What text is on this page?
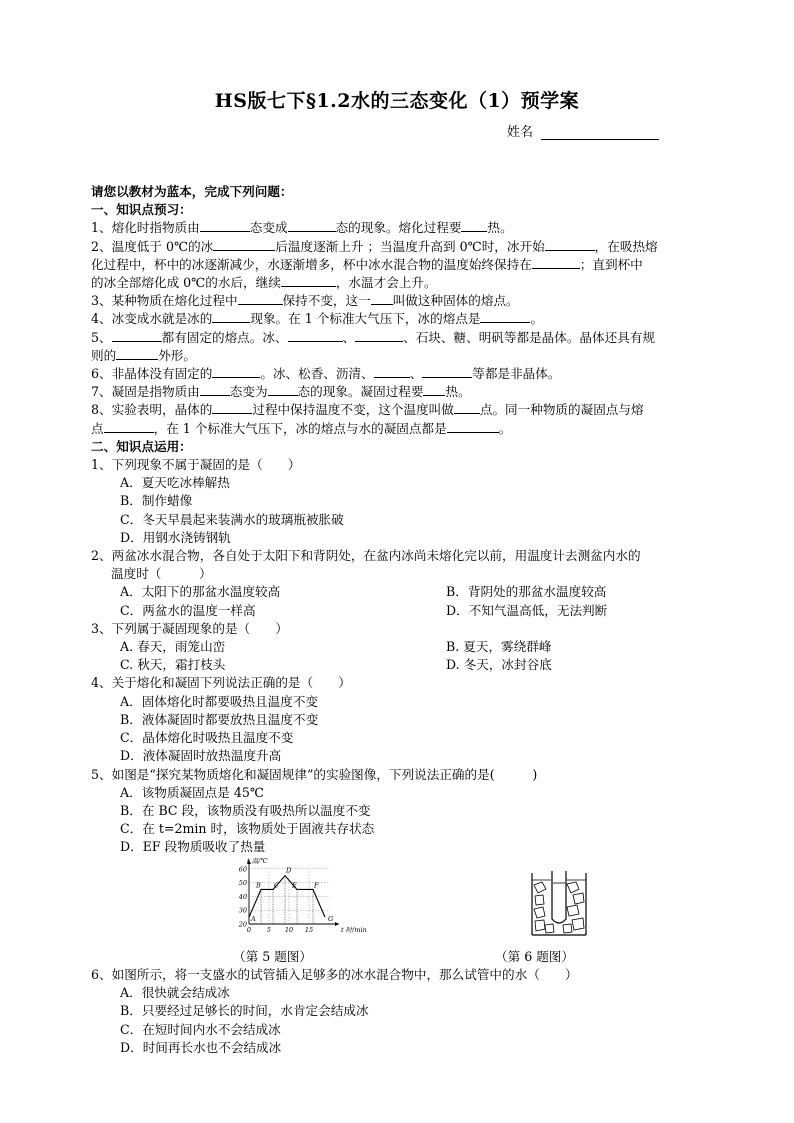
HS版七下§1.2水的三态变化（1）预学案
姓名
请您以教材为蓝本，完成下列问题：
一、知识点预习：
1、熔化时指物质由	态变成	态的现象。熔化过程要 热。
2、温度低于 0℃的冰	后温度逐渐上升 ；当温度升高到 0℃时，冰开始	，在吸热熔
化过程中，杯中的冰逐渐减少，水逐渐增多，杯中冰水混合物的温度始终保持在	；直到杯中
的冰全部熔化成 0℃的水后，继续	，水温才会上升。
3、某种物质在熔化过程中	保持不变，这一 叫做这种固体的熔点。
4、冰变成水就是冰的	现象。在 1 个标准大气压下，冰的熔点是	。
5、	都有固定的熔点。冰、	、	、石块、糖、明矾等都是晶体。晶体还具有规
则的	外形。
6、非晶体没有固定的	。冰、松香、沥清、	、	等都是非晶体。
7、凝固是指物质由 态变为 态的现象。凝固过程要 热。
8、实验表明，晶体的	过程中保持温度不变，这个温度叫做 点。同一种物质的凝固点与熔
点	，在 1 个标准大气压下，冰的熔点与水的凝固点都是	。
二、知识点运用：
1、下列现象不属于凝固的是（　　）
A．夏天吃冰棒解热
B．制作蜡像
C．冬天早晨起来装满水的玻璃瓶被胀破
D．用钢水浇铸钢轨
2、两盆冰水混合物，各自处于太阳下和背阴处，在盆内冰尚未熔化完以前，用温度计去测盆内水的
温度时（　　　）
A．太阳下的那盆水温度较高	B．背阴处的那盆水温度较高
C．两盆水的温度一样高	D．不知气温高低，无法判断
3、下列属于凝固现象的是（　　）
A. 春天，雨笼山峦	B. 夏天，雾绕群峰
C. 秋天，霜打枝头	D. 冬天，冰封谷底
4、关于熔化和凝固下列说法正确的是（　　）
A．固体熔化时都要吸热且温度不变
B．液体凝固时都要放热且温度不变
C．晶体熔化时吸热且温度不变
D．液体凝固时放热温度升高
5、如图是“探究某物质熔化和凝固规律”的实验图像，下列说法正确的是(　　　)
A．该物质凝固点是 45℃
B．在 BC 段，该物质没有吸热所以温度不变
C．在 t=2min 时，该物质处于固液共存状态
D．EF 段物质吸收了热量
20
30
40
50
60
0 5 10 15
t 温/℃
t 时/min
A
B C
D
E	F
G
（第 5 题图）	（第 6 题图）
6、如图所示，将一支盛水的试管插入足够多的冰水混合物中，那么试管中的水（　　）
A．很快就会结成冰
B．只要经过足够长的时间，水肯定会结成冰
C．在短时间内水不会结成冰
D．时间再长水也不会结成冰
